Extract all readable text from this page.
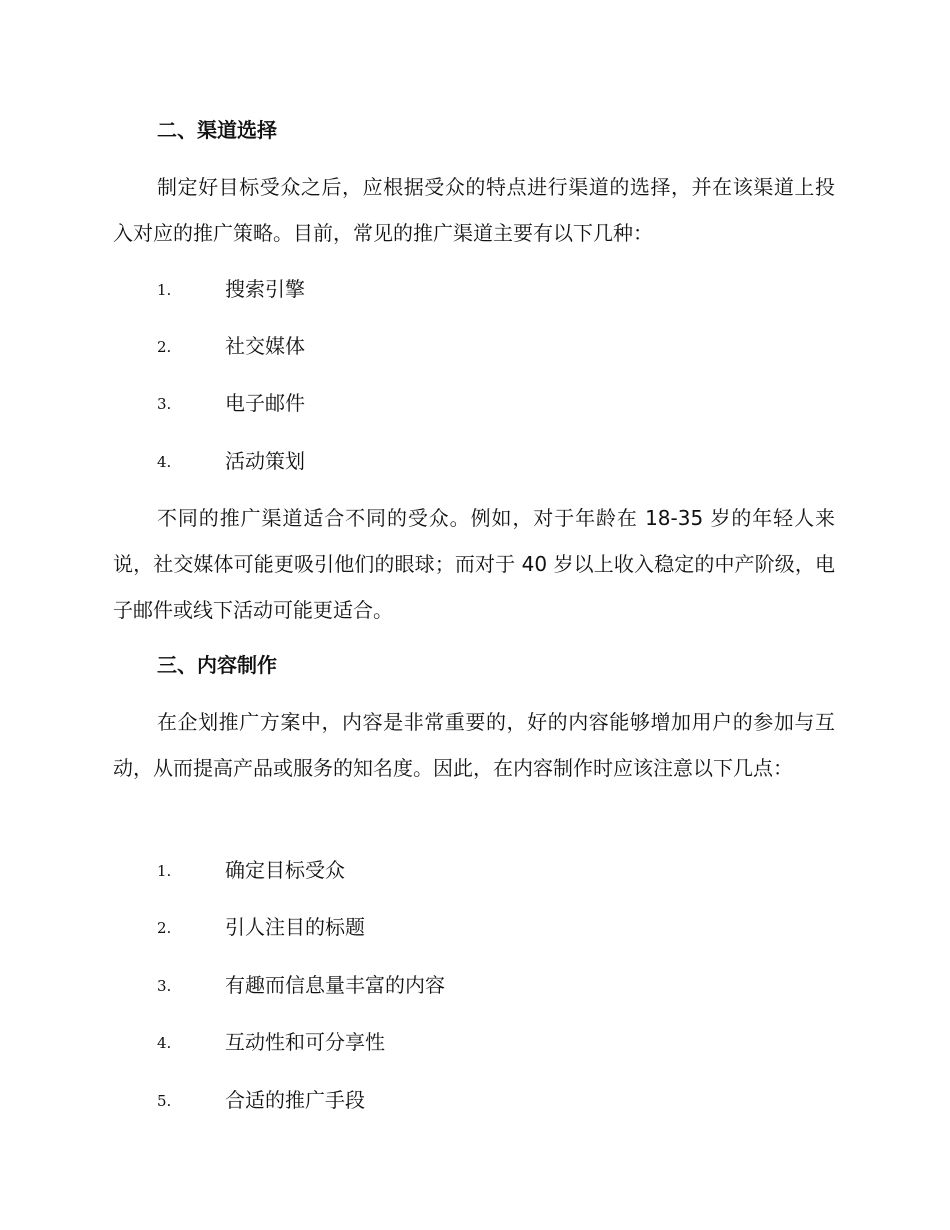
二、渠道选择

制定好目标受众之后，应根据受众的特点进行渠道的选择，并在该渠道上投入对应的推广策略。目前，常见的推广渠道主要有以下几种：

1.	搜索引擎
2.	社交媒体
3.	电子邮件
4.	活动策划

不同的推广渠道适合不同的受众。例如，对于年龄在 18-35 岁的年轻人来说，社交媒体可能更吸引他们的眼球；而对于 40 岁以上收入稳定的中产阶级，电子邮件或线下活动可能更适合。

三、内容制作

在企划推广方案中，内容是非常重要的，好的内容能够增加用户的参加与互动，从而提高产品或服务的知名度。因此，在内容制作时应该注意以下几点：

1.	确定目标受众
2.	引人注目的标题
3.	有趣而信息量丰富的内容
4.	互动性和可分享性
5.	合适的推广手段
